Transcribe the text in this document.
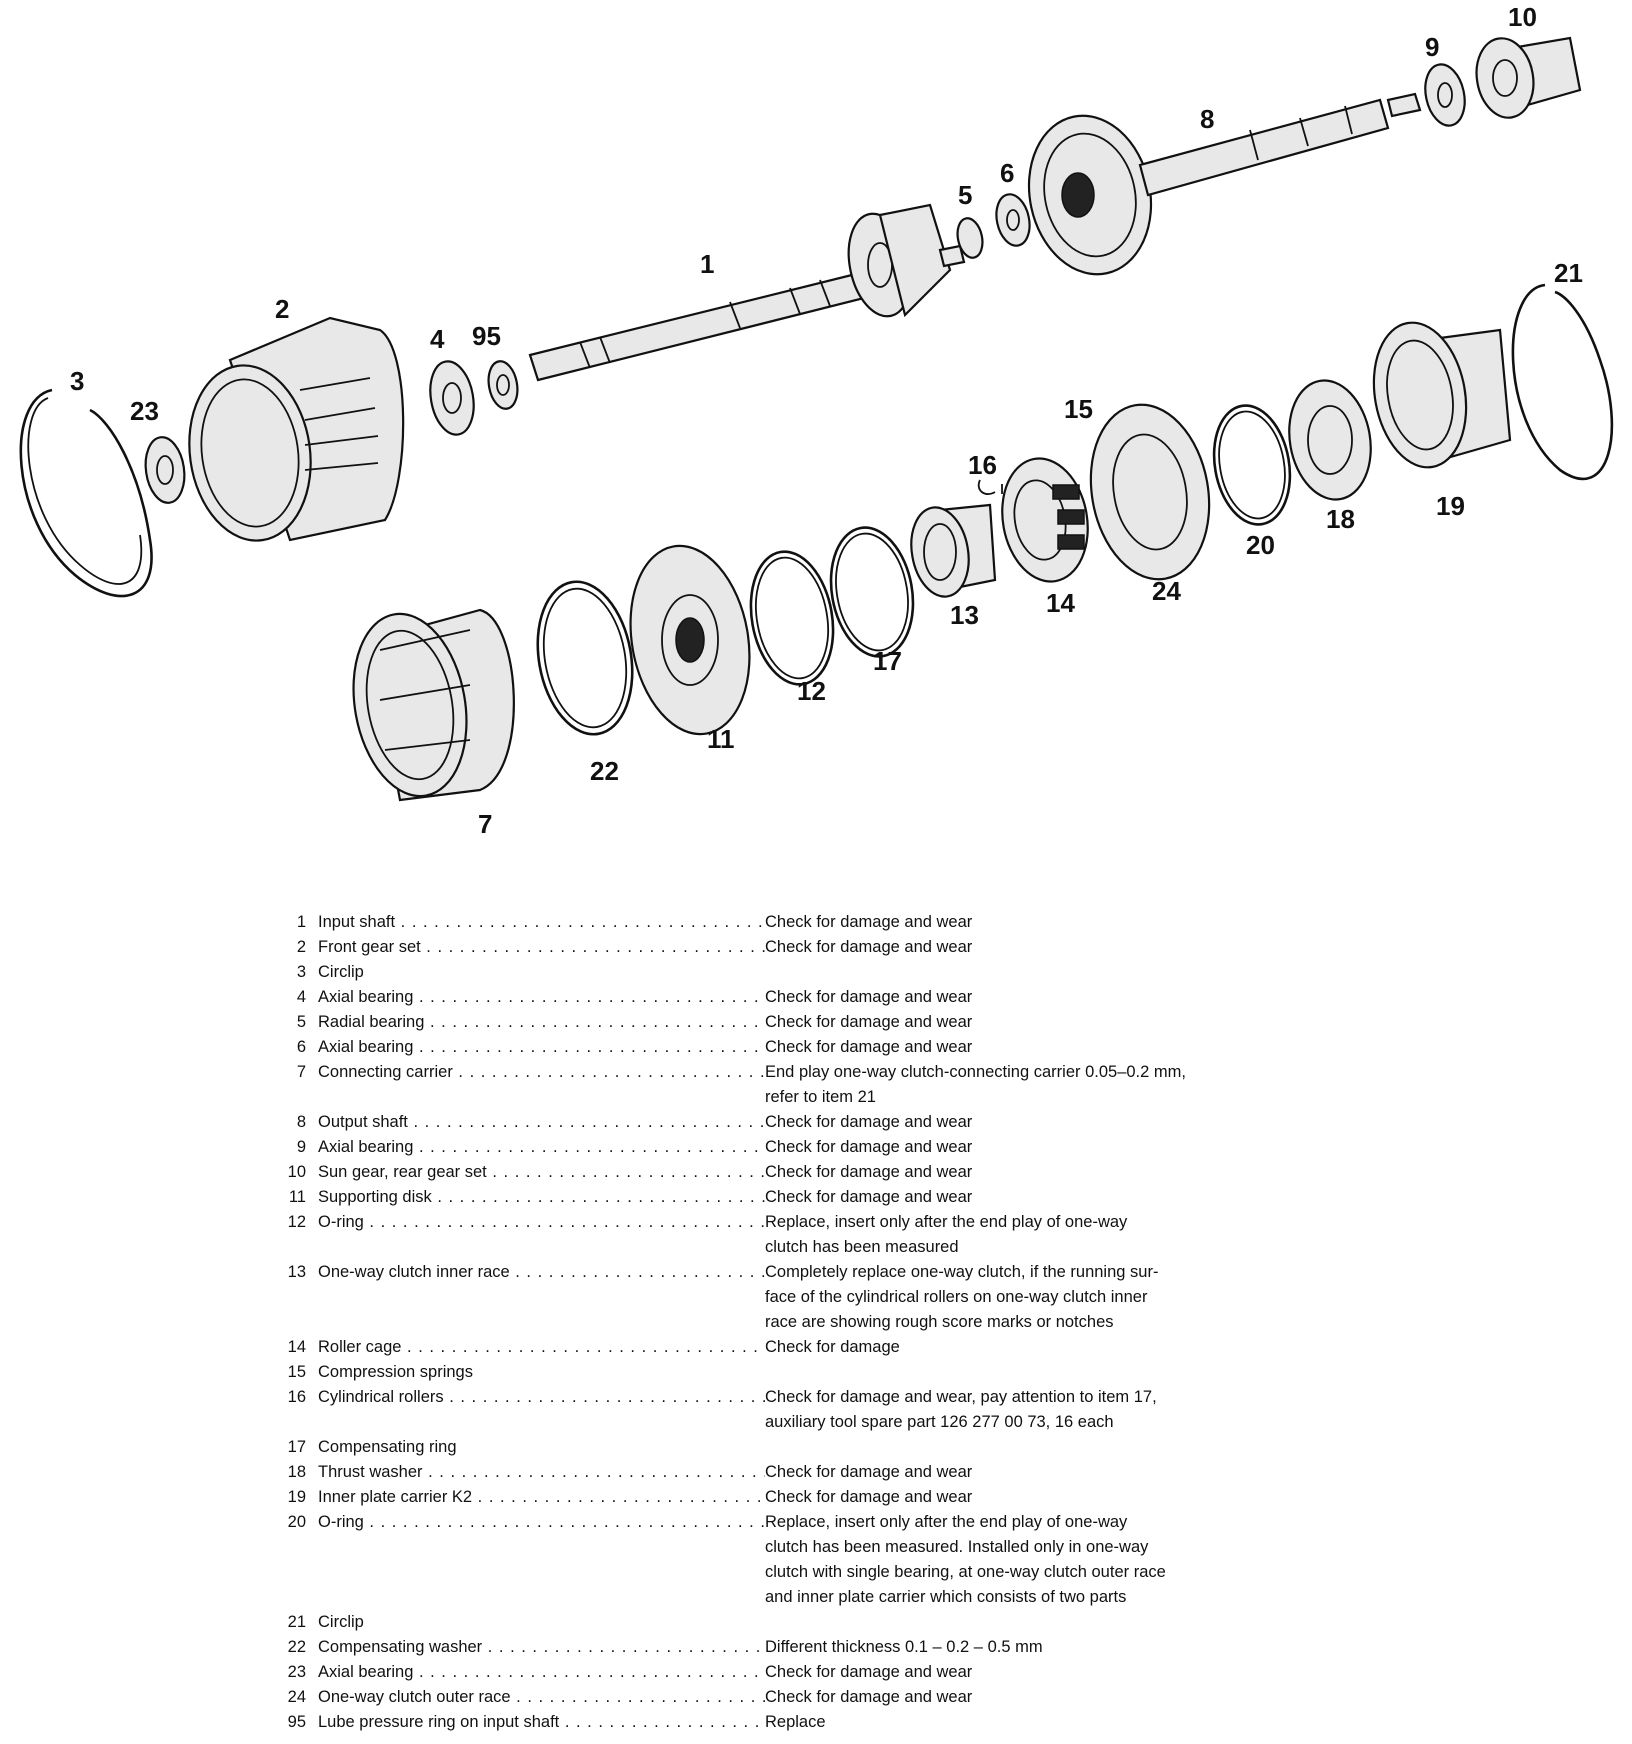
1
2
3
4 95
5
6
8
9
10
21
23	15
16
13	14	24
20
18	19
7
22
11
12
17
1 Input shaft . . .	Check for damage and wear
2 Front gear set . . .	Check for damage and wear
3 Circlip
4 Axial bearing . . .	Check for damage and wear
5 Radial bearing . . .	Check for damage and wear
6 Axial bearing . . .	Check for damage and wear
7 Connecting carrier . . .	End play one-way clutch-connecting carrier 0.05–0.2 mm,
refer to item 21
8 Output shaft . . .	Check for damage and wear
9 Axial bearing . . .	Check for damage and wear
10 Sun gear, rear gear set . . .	Check for damage and wear
11 Supporting disk . . .	Check for damage and wear
12 O-ring . . .	Replace, insert only after the end play of one-way
clutch has been measured
13 One-way clutch inner race . . .	Completely replace one-way clutch, if the running sur-
face of the cylindrical rollers on one-way clutch inner
race are showing rough score marks or notches
14 Roller cage . . .	Check for damage
15 Compression springs
16 Cylindrical rollers . . .	Check for damage and wear, pay attention to item 17,
auxiliary tool spare part 126 277 00 73, 16 each
17 Compensating ring
18 Thrust washer . . .	Check for damage and wear
19 Inner plate carrier K2 . . .	Check for damage and wear
20 O-ring . . .	Replace, insert only after the end play of one-way
clutch has been measured. Installed only in one-way
clutch with single bearing, at one-way clutch outer race
and inner plate carrier which consists of two parts
21 Circlip
22 Compensating washer . . .	Different thickness 0.1 – 0.2 – 0.5 mm
23 Axial bearing . . .	Check for damage and wear
24 One-way clutch outer race . . .	Check for damage and wear
95 Lube pressure ring on input shaft . . .	Replace
